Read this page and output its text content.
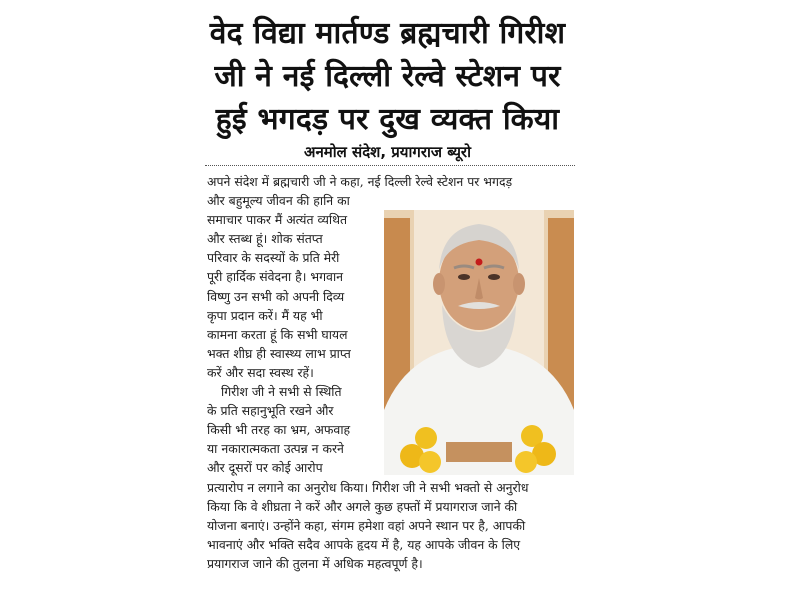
वेद विद्या मार्तण्ड ब्रह्मचारी गिरीश
जी ने नई दिल्ली रेल्वे स्टेशन पर
हुई भगदड़ पर दुख व्यक्त किया
अनमोल संदेश, प्रयागराज ब्यूरो

अपने संदेश में ब्रह्मचारी जी ने कहा, नई दिल्ली रेल्वे स्टेशन पर भगदड़

और बहुमूल्य जीवन की हानि का

समाचार पाकर मैं अत्यंत व्यथित

और स्तब्ध हूं। शोक संतप्त

परिवार के सदस्यों के प्रति मेरी

पूरी हार्दिक संवेदना है। भगवान

विष्णु उन सभी को अपनी दिव्य

कृपा प्रदान करें। मैं यह भी

कामना करता हूं कि सभी घायल

भक्त शीघ्र ही स्वास्थ्य लाभ प्राप्त

करें और सदा स्वस्थ रहें।

गिरीश जी ने सभी से स्थिति

के प्रति सहानुभूति रखने और

किसी भी तरह का भ्रम, अफवाह

या नकारात्मकता उत्पन्न न करने

और दूसरों पर कोई आरोप

प्रत्यारोप न लगाने का अनुरोध किया। गिरीश जी ने सभी भक्तो से अनुरोध

किया कि वे शीघ्रता ने करें और अगले कुछ हफ्तों में प्रयागराज जाने की

योजना बनाएं। उन्होंने कहा, संगम हमेशा वहां अपने स्थान पर है, आपकी

भावनाएं और भक्ति सदैव आपके हृदय में है, यह आपके जीवन के लिए

प्रयागराज जाने की तुलना में अधिक महत्वपूर्ण है।
